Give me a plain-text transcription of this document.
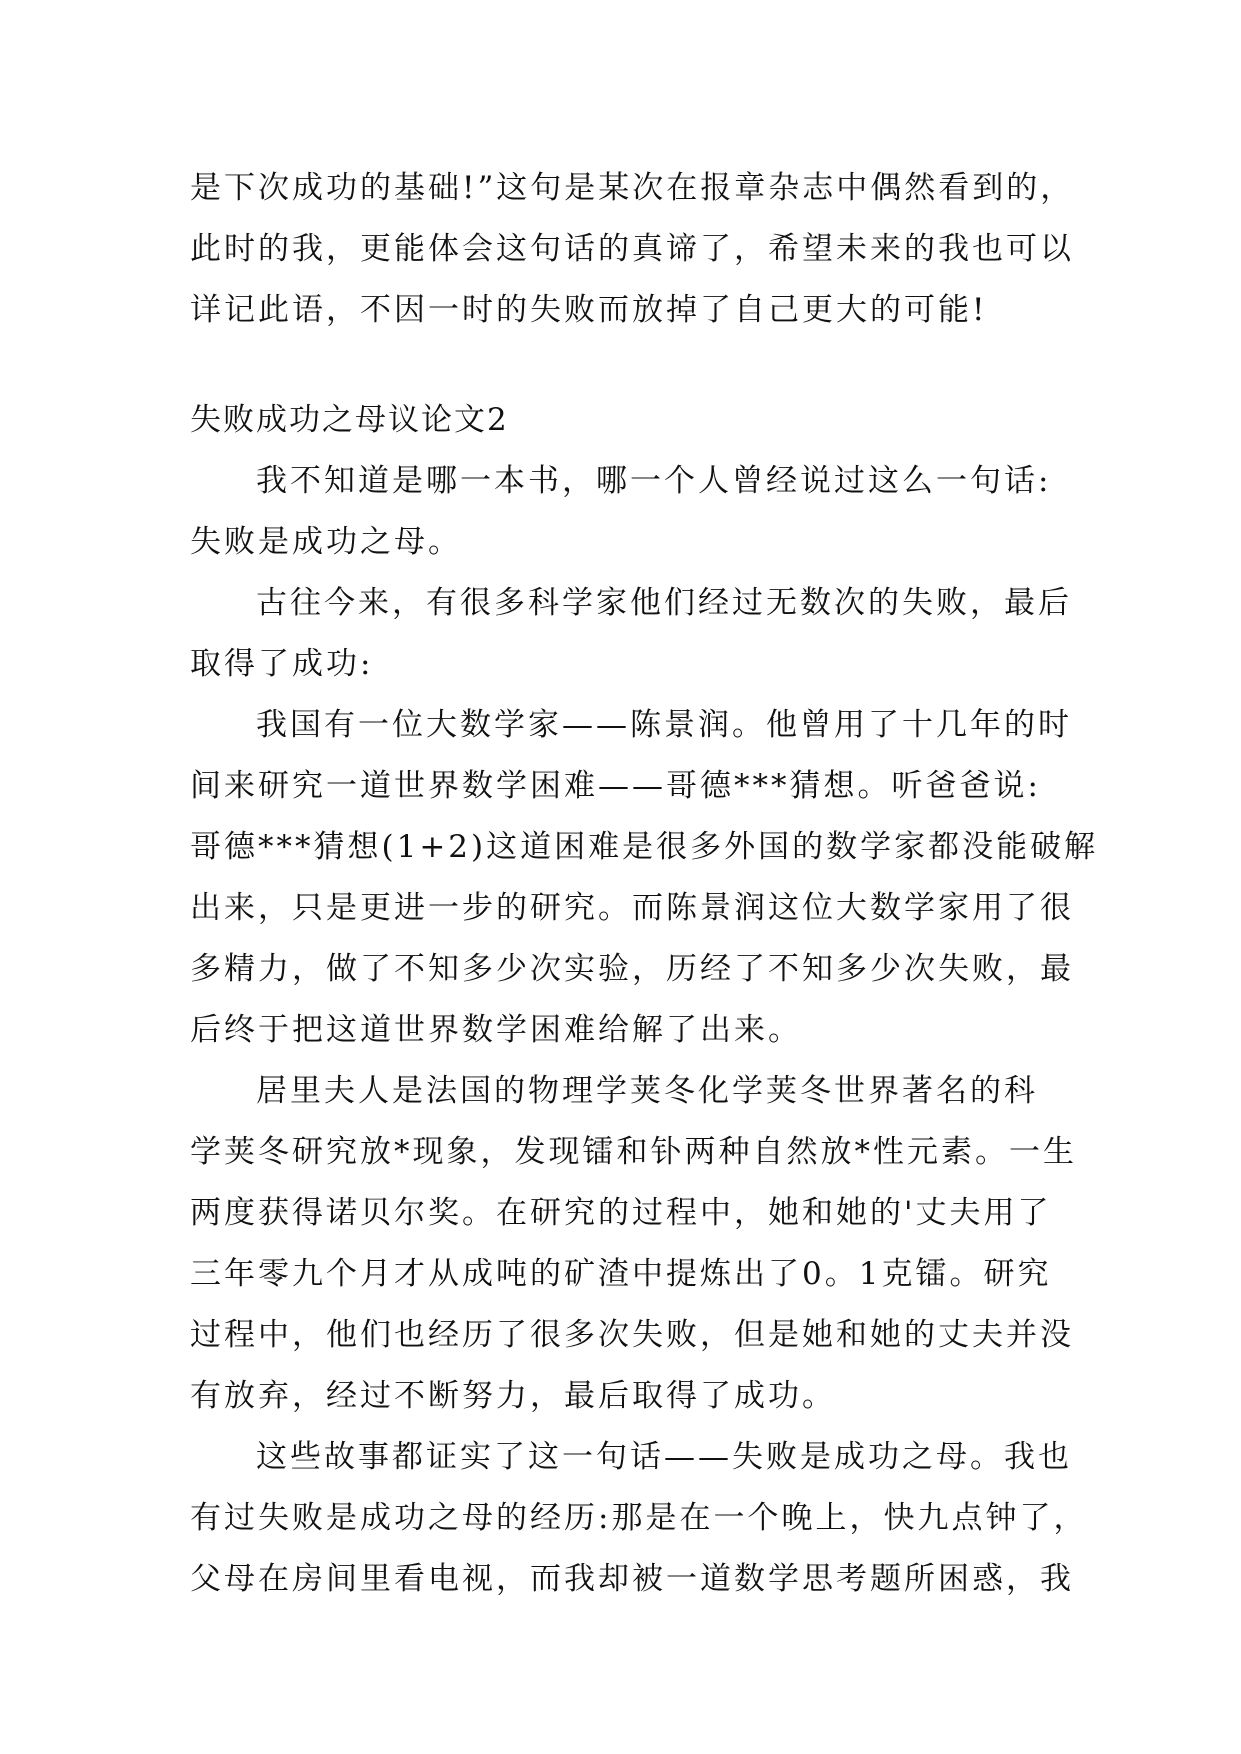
是下次成功的基础!”这句是某次在报章杂志中偶然看到的，
此时的我，更能体会这句话的真谛了，希望未来的我也可以
详记此语，不因一时的失败而放掉了自己更大的可能!
失败成功之母议论文2
我不知道是哪一本书，哪一个人曾经说过这么一句话:
失败是成功之母。
古往今来，有很多科学家他们经过无数次的失败，最后
取得了成功:
我国有一位大数学家——陈景润。他曾用了十几年的时
间来研究一道世界数学困难——哥德***猜想。听爸爸说:
哥德***猜想(1+2)这道困难是很多外国的数学家都没能破解
出来，只是更进一步的研究。而陈景润这位大数学家用了很
多精力，做了不知多少次实验，历经了不知多少次失败，最
后终于把这道世界数学困难给解了出来。
居里夫人是法国的物理学荚冬化学荚冬世界著名的科
学荚冬研究放*现象，发现镭和钋两种自然放*性元素。一生
两度获得诺贝尔奖。在研究的过程中，她和她的'丈夫用了
三年零九个月才从成吨的矿渣中提炼出了0。1克镭。研究
过程中，他们也经历了很多次失败，但是她和她的丈夫并没
有放弃，经过不断努力，最后取得了成功。
这些故事都证实了这一句话——失败是成功之母。我也
有过失败是成功之母的经历:那是在一个晚上，快九点钟了，
父母在房间里看电视，而我却被一道数学思考题所困惑，我
